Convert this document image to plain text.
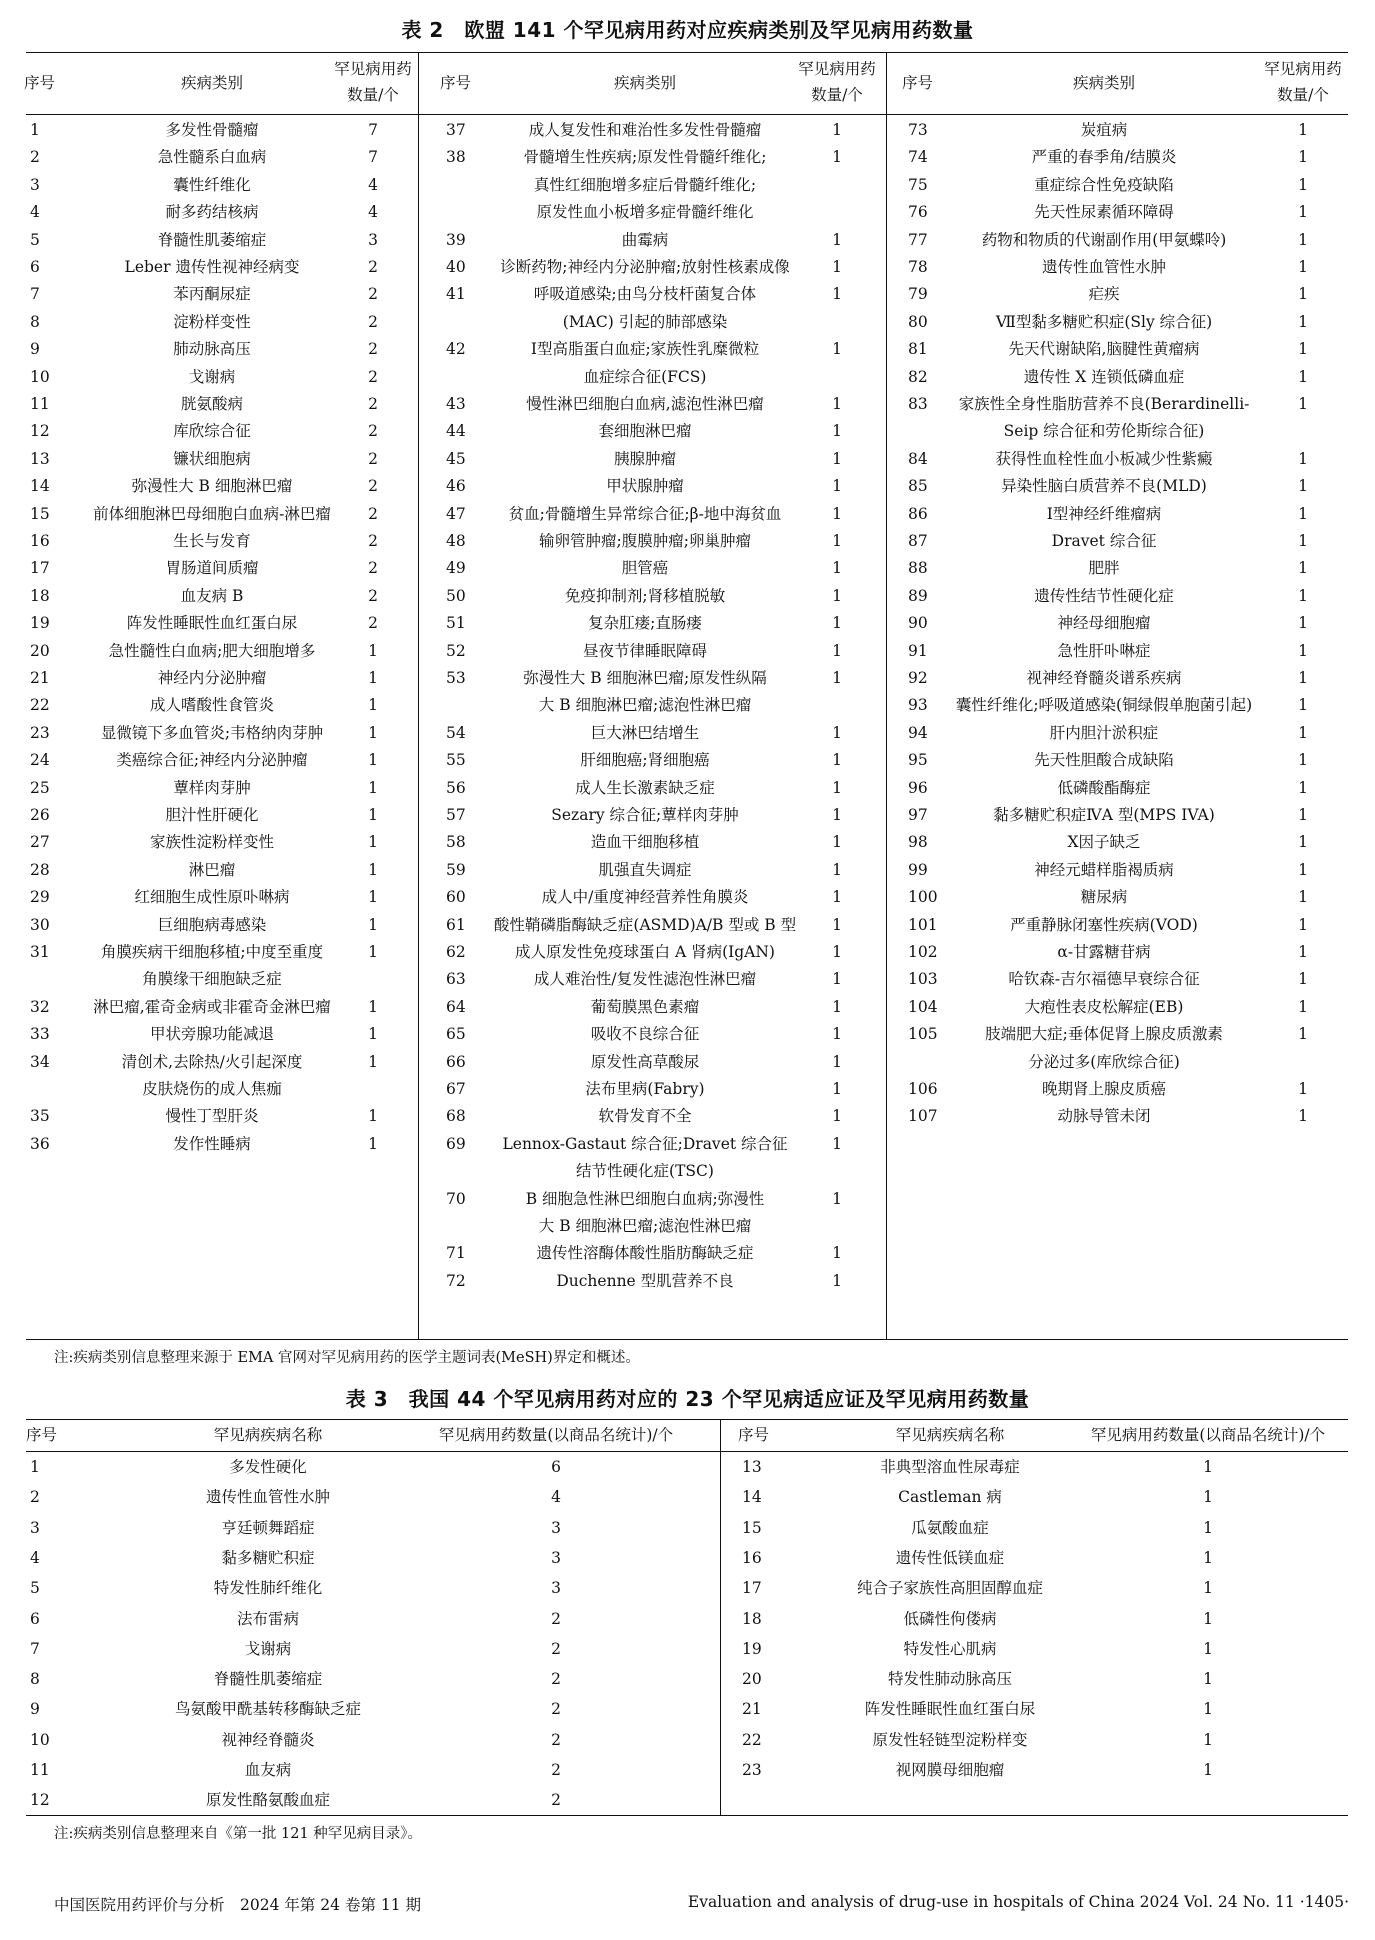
表 2　欧盟 141 个罕见病用药对应疾病类别及罕见病用药数量
序号	疾病类别
罕见病用药
数量/个
1	多发性骨髓瘤	7
2	急性髓系白血病	7
3	囊性纤维化	4
4	耐多药结核病	4
5	脊髓性肌萎缩症	3
6	Leber 遗传性视神经病变	2
7	苯丙酮尿症	2
8	淀粉样变性	2
9	肺动脉高压	2
10	戈谢病	2
11	胱氨酸病	2
12	库欣综合征	2
13	镰状细胞病	2
14	弥漫性大 B 细胞淋巴瘤	2
15	前体细胞淋巴母细胞白血病-淋巴瘤 2
16	生长与发育	2
17	胃肠道间质瘤	2
18	血友病 B	2
19	阵发性睡眠性血红蛋白尿	2
20	急性髓性白血病;肥大细胞增多	1
21	神经内分泌肿瘤	1
22	成人嗜酸性食管炎	1
23	显微镜下多血管炎;韦格纳肉芽肿	1
24	类癌综合征;神经内分泌肿瘤	1
25	蕈样肉芽肿	1
26	胆汁性肝硬化	1
27	家族性淀粉样变性	1
28	淋巴瘤	1
29	红细胞生成性原卟啉病	1
30	巨细胞病毒感染	1
31	角膜疾病干细胞移植;中度至重度
角膜缘干细胞缺乏症
1
32	淋巴瘤,霍奇金病或非霍奇金淋巴瘤 1
33	甲状旁腺功能减退	1
34	清创术,去除热/火引起深度
皮肤烧伤的成人焦痂
1
35	慢性丁型肝炎	1
36	发作性睡病	1
序号	疾病类别
罕见病用药
数量/个
37	成人复发性和难治性多发性骨髓瘤	1
38	骨髓增生性疾病;原发性骨髓纤维化;
真性红细胞增多症后骨髓纤维化;
原发性血小板增多症骨髓纤维化
1
39	曲霉病	1
40 诊断药物;神经内分泌肿瘤;放射性核素成像	1
41	呼吸道感染;由鸟分枝杆菌复合体
(MAC) 引起的肺部感染
1
42	Ⅰ型高脂蛋白血症;家族性乳糜微粒
血症综合征(FCS)
1
43	慢性淋巴细胞白血病,滤泡性淋巴瘤	1
44	套细胞淋巴瘤	1
45	胰腺肿瘤	1
46	甲状腺肿瘤	1
47	贫血;骨髓增生异常综合征;β-地中海贫血	1
48	输卵管肿瘤;腹膜肿瘤;卵巢肿瘤	1
49	胆管癌	1
50	免疫抑制剂;肾移植脱敏	1
51	复杂肛瘘;直肠瘘	1
52	昼夜节律睡眠障碍	1
53	弥漫性大 B 细胞淋巴瘤;原发性纵隔
大 B 细胞淋巴瘤;滤泡性淋巴瘤
1
54	巨大淋巴结增生	1
55	肝细胞癌;肾细胞癌	1
56	成人生长激素缺乏症	1
57	Sezary 综合征;蕈样肉芽肿	1
58	造血干细胞移植	1
59	肌强直失调症	1
60	成人中/重度神经营养性角膜炎	1
61 酸性鞘磷脂酶缺乏症(ASMD)A/B 型或 B 型 1
62	成人原发性免疫球蛋白 A 肾病(IgAN)	1
63	成人难治性/复发性滤泡性淋巴瘤	1
64	葡萄膜黑色素瘤	1
65	吸收不良综合征	1
66	原发性高草酸尿	1
67	法布里病(Fabry)	1
68	软骨发育不全	1
69 Lennox-Gastaut 综合征;Dravet 综合征
结节性硬化症(TSC)
1
70	B 细胞急性淋巴细胞白血病;弥漫性
大 B 细胞淋巴瘤;滤泡性淋巴瘤
1
71	遗传性溶酶体酸性脂肪酶缺乏症	1
72	Duchenne 型肌营养不良	1
序号	疾病类别
罕见病用药
数量/个
73	炭疽病	1
74	严重的春季角/结膜炎	1
75	重症综合性免疫缺陷	1
76	先天性尿素循环障碍	1
77	药物和物质的代谢副作用(甲氨蝶呤)	1
78	遗传性血管性水肿	1
79	疟疾	1
80	Ⅶ型黏多糖贮积症(Sly 综合征)	1
81	先天代谢缺陷,脑腱性黄瘤病	1
82	遗传性 X 连锁低磷血症	1
83 家族性全身性脂肪营养不良(Berardinelli-
Seip 综合征和劳伦斯综合征)
1
84	获得性血栓性血小板减少性紫癜	1
85	异染性脑白质营养不良(MLD)	1
86	Ⅰ型神经纤维瘤病	1
87	Dravet 综合征	1
88	肥胖	1
89	遗传性结节性硬化症	1
90	神经母细胞瘤	1
91	急性肝卟啉症	1
92	视神经脊髓炎谱系疾病	1
93 囊性纤维化;呼吸道感染(铜绿假单胞菌引起)	1
94	肝内胆汁淤积症	1
95	先天性胆酸合成缺陷	1
96	低磷酸酯酶症	1
97	黏多糖贮积症ⅣA 型(MPS IVA)	1
98	Ⅹ因子缺乏	1
99	神经元蜡样脂褐质病	1
100	糖尿病	1
101	严重静脉闭塞性疾病(VOD)	1
102	α-甘露糖苷病	1
103	哈钦森-吉尔福德早衰综合征	1
104	大疱性表皮松解症(EB)	1
105	肢端肥大症;垂体促肾上腺皮质激素
分泌过多(库欣综合征)
1
106	晚期肾上腺皮质癌	1
107	动脉导管未闭	1
注:疾病类别信息整理来源于 EMA 官网对罕见病用药的医学主题词表(MeSH)界定和概述。
表 3　我国 44 个罕见病用药对应的 23 个罕见病适应证及罕见病用药数量
序号	罕见病疾病名称	罕见病用药数量(以商品名统计)/个
1	多发性硬化	6
2	遗传性血管性水肿	4
3	亨廷顿舞蹈症	3
4	黏多糖贮积症	3
5	特发性肺纤维化	3
6	法布雷病	2
7	戈谢病	2
8	脊髓性肌萎缩症	2
9	鸟氨酸甲酰基转移酶缺乏症	2
10	视神经脊髓炎	2
11	血友病	2
12	原发性酪氨酸血症	2
序号	罕见病疾病名称	罕见病用药数量(以商品名统计)/个
13	非典型溶血性尿毒症	1
14	Castleman 病	1
15	瓜氨酸血症	1
16	遗传性低镁血症	1
17	纯合子家族性高胆固醇血症	1
18	低磷性佝偻病	1
19	特发性心肌病	1
20	特发性肺动脉高压	1
21	阵发性睡眠性血红蛋白尿	1
22	原发性轻链型淀粉样变	1
23	视网膜母细胞瘤	1
注:疾病类别信息整理来自《第一批 121 种罕见病目录》。
中国医院用药评价与分析　2024 年第 24 卷第 11 期	Evaluation and analysis of drug-use in hospitals of China 2024 Vol. 24 No. 11 ·1405·
